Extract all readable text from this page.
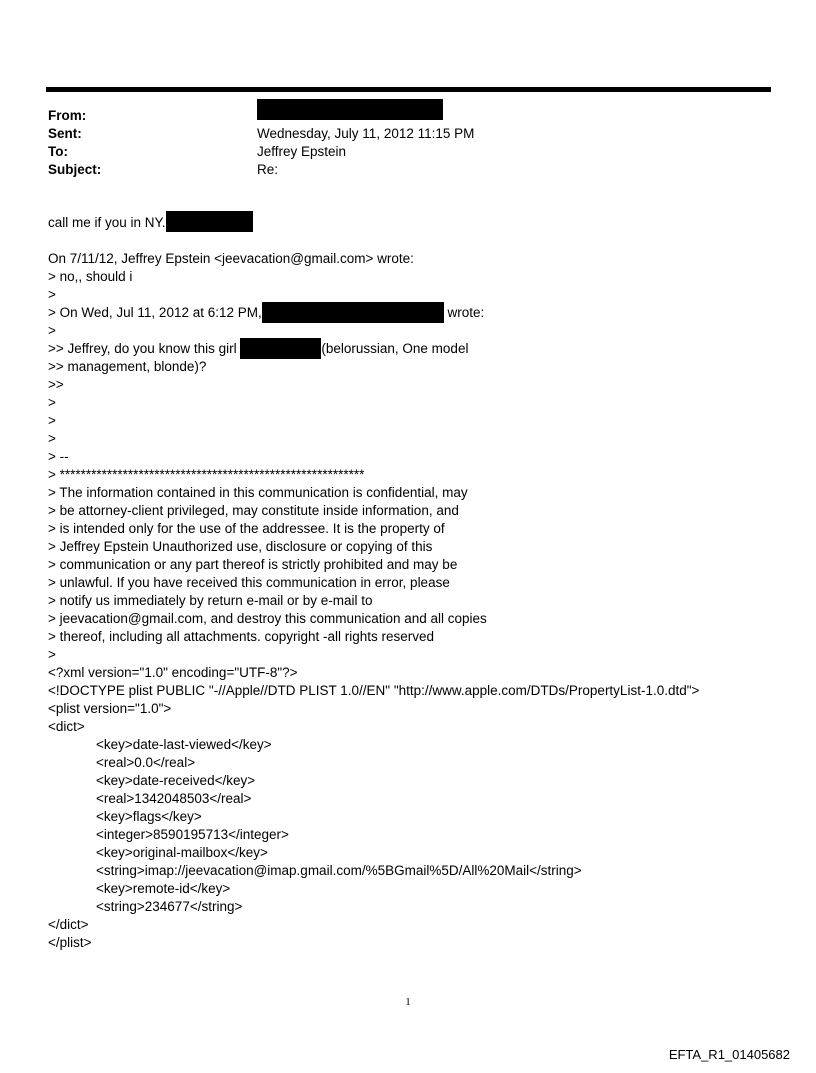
From:
Sent:	Wednesday, July 11, 2012 11:15 PM
To:	Jeffrey Epstein
Subject:	Re:
call me if you in NY.
On 7/11/12, Jeffrey Epstein <jeevacation@gmail.com> wrote:
> no,, should i
>
> On Wed, Jul 11, 2012 at 6:12 PM,	wrote:
>
>> Jeffrey, do you know this girl	(belorussian, One model
>> management, blonde)?
>>
>
>
>
> --
> **********************************************************
> The information contained in this communication is confidential, may
> be attorney-client privileged, may constitute inside information, and
> is intended only for the use of the addressee. It is the property of
> Jeffrey Epstein Unauthorized use, disclosure or copying of this
> communication or any part thereof is strictly prohibited and may be
> unlawful. If you have received this communication in error, please
> notify us immediately by return e-mail or by e-mail to
> jeevacation@gmail.com, and destroy this communication and all copies
> thereof, including all attachments. copyright -all rights reserved
>
<?xml version="1.0" encoding="UTF-8"?>
<!DOCTYPE plist PUBLIC "-//Apple//DTD PLIST 1.0//EN" "http://www.apple.com/DTDs/PropertyList-1.0.dtd">
<plist version="1.0">
<dict>
<key>date-last-viewed</key>
<real>0.0</real>
<key>date-received</key>
<real>1342048503</real>
<key>flags</key>
<integer>8590195713</integer>
<key>original-mailbox</key>
<string>imap://jeevacation@imap.gmail.com/%5BGmail%5D/All%20Mail</string>
<key>remote-id</key>
<string>234677</string>
</dict>
</plist>
1
EFTA_R1_01405682
